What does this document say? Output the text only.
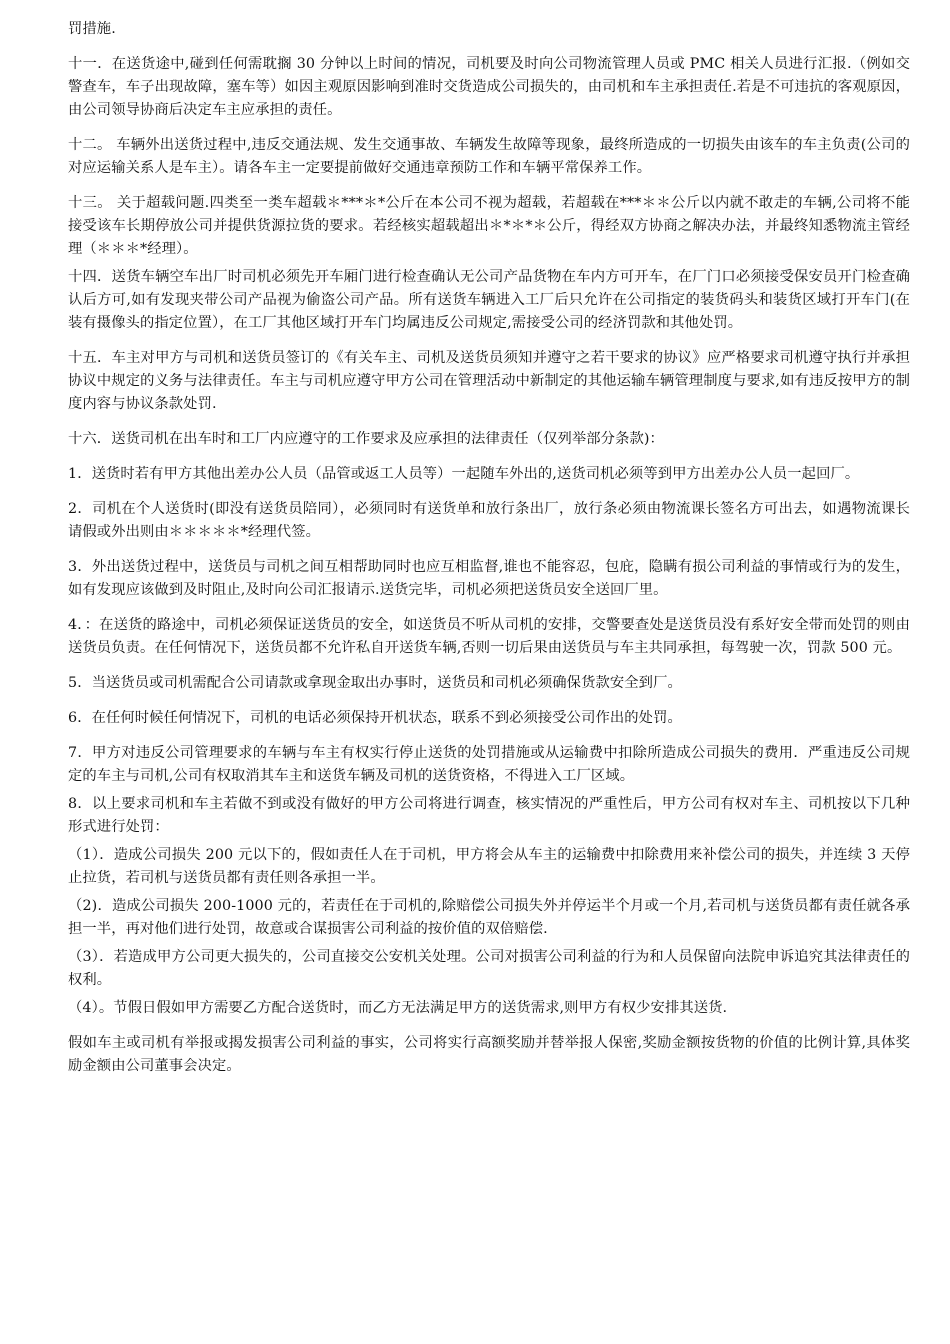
罚措施.

十一．在送货途中,碰到任何需耽搁 30 分钟以上时间的情况，司机要及时向公司物流管理人员或 PMC 相关人员进行汇报.（例如交警查车，车子出现故障，塞车等）如因主观原因影响到准时交货造成公司损失的，由司机和车主承担责任.若是不可违抗的客观原因，由公司领导协商后决定车主应承担的责任。

十二。 车辆外出送货过程中,违反交通法规、发生交通事故、车辆发生故障等现象，最终所造成的一切损失由该车的车主负责(公司的对应运输关系人是车主）。请各车主一定要提前做好交通违章预防工作和车辆平常保养工作。

十三。 关于超载问题.四类至一类车超载＊***＊*公斤在本公司不视为超载，若超载在***＊＊公斤以内就不敢走的车辆,公司将不能接受该车长期停放公司并提供货源拉货的要求。若经核实超载超出＊*＊*＊公斤，得经双方协商之解决办法，并最终知悉物流主管经理（＊＊＊*经理）。

十四．送货车辆空车出厂时司机必须先开车厢门进行检查确认无公司产品货物在车内方可开车，在厂门口必须接受保安员开门检查确认后方可,如有发现夹带公司产品视为偷盗公司产品。所有送货车辆进入工厂后只允许在公司指定的装货码头和装货区域打开车门(在装有摄像头的指定位置），在工厂其他区域打开车门均属违反公司规定,需接受公司的经济罚款和其他处罚。

十五．车主对甲方与司机和送货员签订的《有关车主、司机及送货员须知并遵守之若干要求的协议》应严格要求司机遵守执行并承担协议中规定的义务与法律责任。车主与司机应遵守甲方公司在管理活动中新制定的其他运输车辆管理制度与要求,如有违反按甲方的制度内容与协议条款处罚.

十六．送货司机在出车时和工厂内应遵守的工作要求及应承担的法律责任（仅列举部分条款)：

1．送货时若有甲方其他出差办公人员（品管或返工人员等）一起随车外出的,送货司机必须等到甲方出差办公人员一起回厂。

2．司机在个人送货时(即没有送货员陪同），必须同时有送货单和放行条出厂，放行条必须由物流课长签名方可出去，如遇物流课长请假或外出则由＊＊＊＊＊*经理代签。

3．外出送货过程中，送货员与司机之间互相帮助同时也应互相监督,谁也不能容忍，包庇，隐瞒有损公司利益的事情或行为的发生，如有发现应该做到及时阻止,及时向公司汇报请示.送货完毕，司机必须把送货员安全送回厂里。

4．：在送货的路途中，司机必须保证送货员的安全，如送货员不听从司机的安排，交警要查处是送货员没有系好安全带而处罚的则由送货员负责。在任何情况下，送货员都不允许私自开送货车辆,否则一切后果由送货员与车主共同承担，每驾驶一次，罚款 500 元。

5．当送货员或司机需配合公司请款或拿现金取出办事时，送货员和司机必须确保货款安全到厂。

6．在任何时候任何情况下，司机的电话必须保持开机状态，联系不到必须接受公司作出的处罚。

7．甲方对违反公司管理要求的车辆与车主有权实行停止送货的处罚措施或从运输费中扣除所造成公司损失的费用．严重违反公司规定的车主与司机,公司有权取消其车主和送货车辆及司机的送货资格，不得进入工厂区域。

8．以上要求司机和车主若做不到或没有做好的甲方公司将进行调查，核实情况的严重性后，甲方公司有权对车主、司机按以下几种形式进行处罚：

（1）．造成公司损失 200 元以下的，假如责任人在于司机，甲方将会从车主的运输费中扣除费用来补偿公司的损失，并连续 3 天停止拉货，若司机与送货员都有责任则各承担一半。

（2)．造成公司损失 200-1000 元的，若责任在于司机的,除赔偿公司损失外并停运半个月或一个月,若司机与送货员都有责任就各承担一半，再对他们进行处罚，故意或合谋损害公司利益的按价值的双倍赔偿.

（3）．若造成甲方公司更大损失的，公司直接交公安机关处理。公司对损害公司利益的行为和人员保留向法院申诉追究其法律责任的权利。

（4）。节假日假如甲方需要乙方配合送货时，而乙方无法满足甲方的送货需求,则甲方有权少安排其送货.

假如车主或司机有举报或揭发损害公司利益的事实，公司将实行高额奖励并替举报人保密,奖励金额按货物的价值的比例计算,具体奖励金额由公司董事会决定。
